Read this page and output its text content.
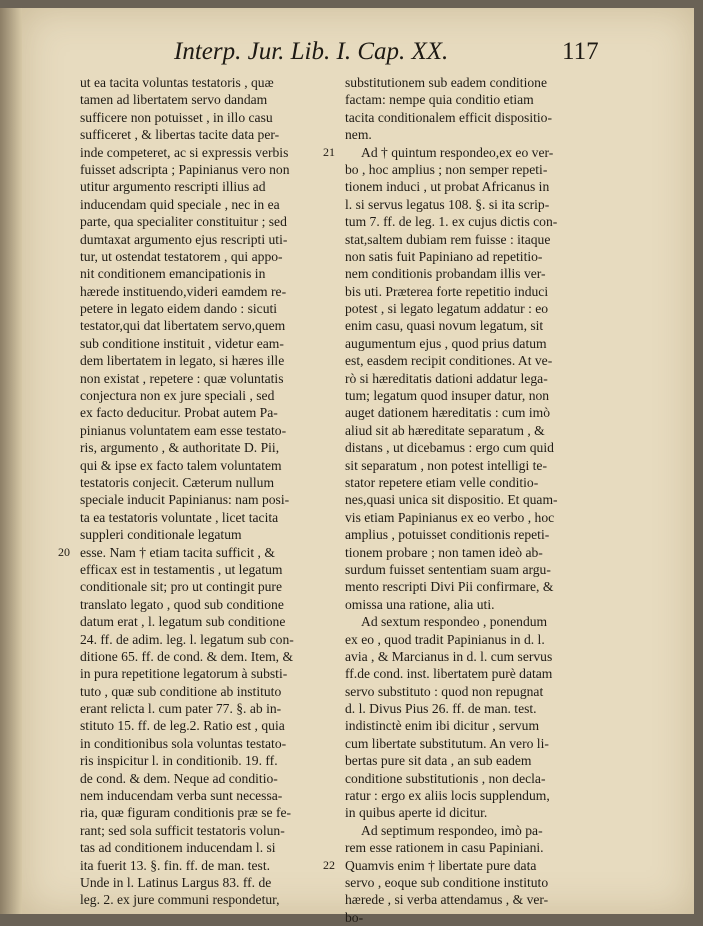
Interp. Jur. Lib. I. Cap. XX.	117
ut ea tacita voluntas testatoris , quæ
tamen ad libertatem servo dandam
sufficere non potuisset , in illo casu
sufficeret , & libertas tacite data per-
inde competeret, ac si expressis verbis
fuisset adscripta ; Papinianus vero non
utitur argumento rescripti illius ad
inducendam quid speciale , nec in ea
parte, qua specialiter constituitur ; sed
dumtaxat argumento ejus rescripti uti-
tur, ut ostendat testatorem , qui appo-
nit conditionem emancipationis in
hærede instituendo,videri eamdem re-
petere in legato eidem dando : sicuti
testator,qui dat libertatem servo,quem
sub conditione instituit , videtur eam-
dem libertatem in legato, si hæres ille
non existat , repetere : quæ voluntatis
conjectura non ex jure speciali , sed
ex facto deducitur. Probat autem Pa-
pinianus voluntatem eam esse testato-
ris, argumento , & authoritate D. Pii,
qui & ipse ex facto talem voluntatem
testatoris conjecit. Cæterum nullum
speciale inducit Papinianus: nam posi-
ta ea testatoris voluntate , licet tacita
suppleri conditionale legatum
20 esse. Nam † etiam tacita sufficit , &
efficax est in testamentis , ut legatum
conditionale sit; pro ut contingit pure
translato legato , quod sub conditione
datum erat , l. legatum sub conditione
24. ff. de adim. leg. l. legatum sub con-
ditione 65. ff. de cond. & dem. Item, &
in pura repetitione legatorum à substi-
tuto , quæ sub conditione ab instituto
erant relicta l. cum pater 77. §. ab in-
stituto 15. ff. de leg.2. Ratio est , quia
in conditionibus sola voluntas testato-
ris inspicitur l. in conditionib. 19. ff.
de cond. & dem. Neque ad conditio-
nem inducendam verba sunt necessa-
ria, quæ figuram conditionis præ se fe-
rant; sed sola sufficit testatoris volun-
tas ad conditionem inducendam l. si
ita fuerit 13. §. fin. ff. de man. test.
Unde in l. Latinus Largus 83. ff. de
leg. 2. ex jure communi respondetur,
substitutionem sub eadem conditione
factam: nempe quia conditio etiam
tacita conditionalem efficit dispositio-
nem.
21 Ad † quintum respondeo,ex eo ver-
bo , hoc amplius ; non semper repeti-
tionem induci , ut probat Africanus in
l. si servus legatus 108. §. si ita scrip-
tum 7. ff. de leg. 1. ex cujus dictis con-
stat,saltem dubiam rem fuisse : itaque
non satis fuit Papiniano ad repetitio-
nem conditionis probandam illis ver-
bis uti. Præterea forte repetitio induci
potest , si legato legatum addatur : eo
enim casu, quasi novum legatum, sit
augumentum ejus , quod prius datum
est, easdem recipit conditiones. At ve-
rò si hæreditatis dationi addatur lega-
tum; legatum quod insuper datur, non
auget dationem hæreditatis : cum imò
aliud sit ab hæreditate separatum , &
distans , ut dicebamus : ergo cum quid
sit separatum , non potest intelligi te-
stator repetere etiam velle conditio-
nes,quasi unica sit dispositio. Et quam-
vis etiam Papinianus ex eo verbo , hoc
amplius , potuisset conditionis repeti-
tionem probare ; non tamen ideò ab-
surdum fuisset sententiam suam argu-
mento rescripti Divi Pii confirmare, &
omissa una ratione, alia uti.
Ad sextum respondeo , ponendum
ex eo , quod tradit Papinianus in d. l.
avia , & Marcianus in d. l. cum servus
ff.de cond. inst. libertatem purè datam
servo substituto : quod non repugnat
d. l. Divus Pius 26. ff. de man. test.
indistinctè enim ibi dicitur , servum
cum libertate substitutum. An vero li-
bertas pure sit data , an sub eadem
conditione substitutionis , non decla-
ratur : ergo ex aliis locis supplendum,
in quibus aperte id dicitur.
Ad septimum respondeo, imò pa-
rem esse rationem in casu Papiniani.
22 Quamvis enim † libertate pure data
servo , eoque sub conditione instituto
hærede , si verba attendamus , & ver-
bo-
